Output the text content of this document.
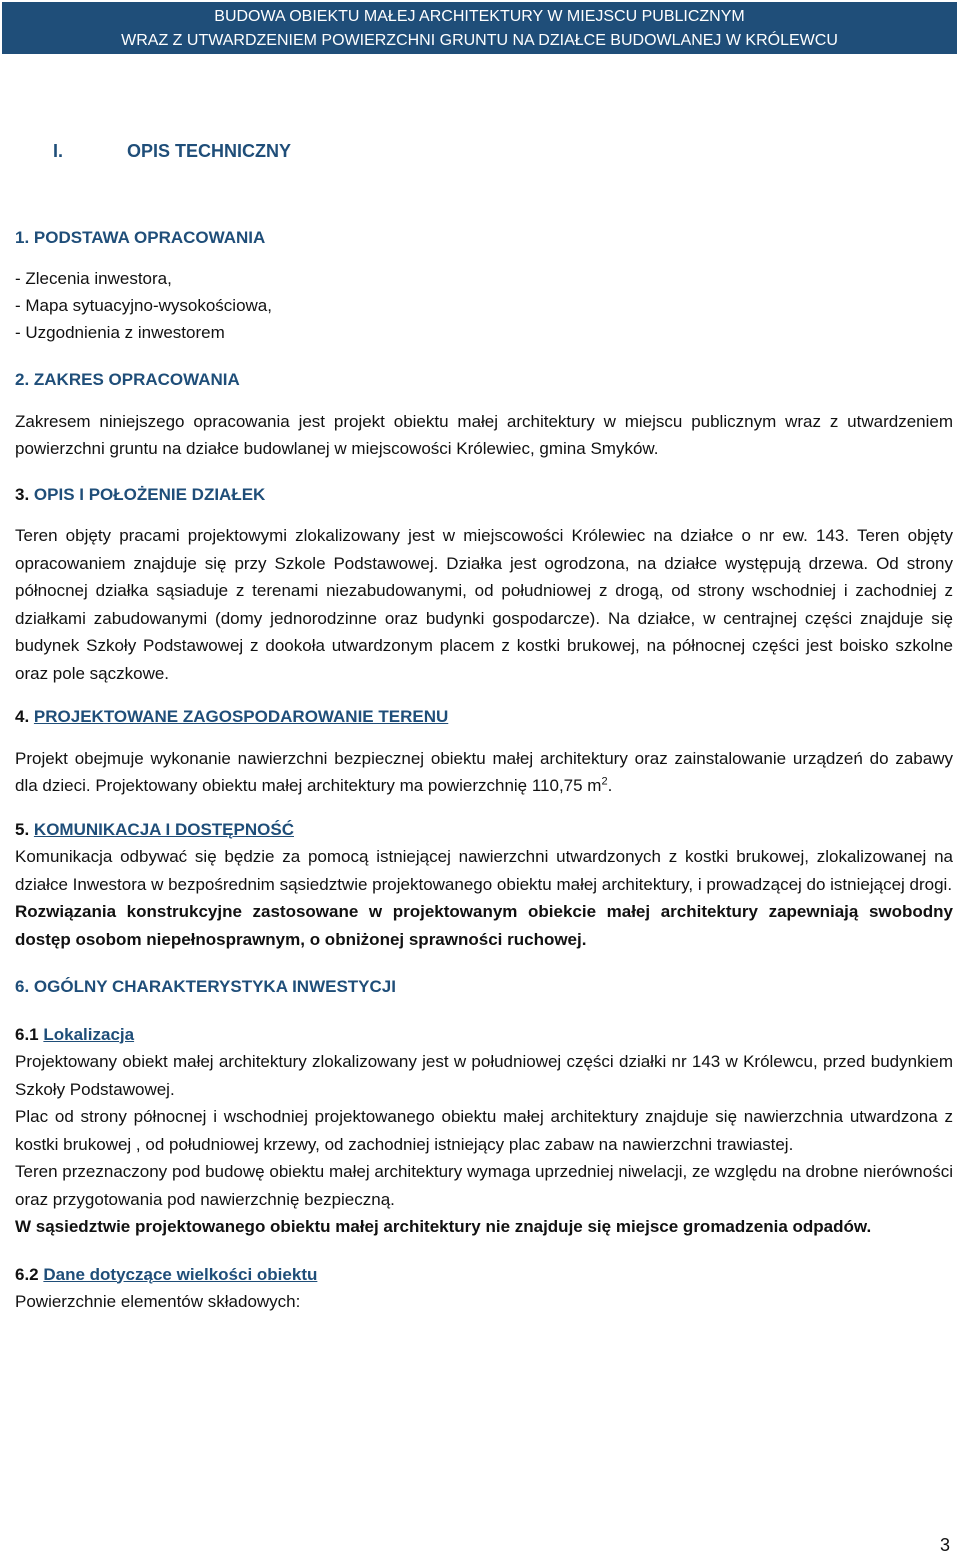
BUDOWA OBIEKTU MAŁEJ ARCHITEKTURY W MIEJSCU PUBLICZNYM
WRAZ Z UTWARDZENIEM POWIERZCHNI GRUNTU NA DZIAŁCE BUDOWLANEJ W KRÓLEWCU
I.	OPIS TECHNICZNY
1. PODSTAWA OPRACOWANIA
- Zlecenia inwestora,
- Mapa sytuacyjno-wysokościowa,
- Uzgodnienia z inwestorem
2. ZAKRES OPRACOWANIA

Zakresem niniejszego opracowania jest projekt obiektu małej architektury w miejscu publicznym wraz z utwardzeniem powierzchni gruntu na działce budowlanej w miejscowości Królewiec, gmina Smyków.

3. OPIS I POŁOŻENIE DZIAŁEK

Teren objęty pracami projektowymi zlokalizowany jest w miejscowości Królewiec na działce o nr ew. 143. Teren objęty opracowaniem znajduje się przy Szkole Podstawowej. Działka jest ogrodzona, na działce występują drzewa. Od strony północnej działka sąsiaduje z terenami niezabudowanymi, od południowej z drogą, od strony wschodniej i zachodniej z działkami zabudowanymi (domy jednorodzinne oraz budynki gospodarcze). Na działce, w centrajnej części znajduje się budynek Szkoły Podstawowej z dookoła utwardzonym placem z kostki brukowej, na północnej części jest boisko szkolne oraz pole sączkowe.

4. PROJEKTOWANE ZAGOSPODAROWANIE TERENU

Projekt obejmuje wykonanie nawierzchni bezpiecznej obiektu małej architektury oraz zainstalowanie urządzeń do zabawy dla dzieci. Projektowany obiektu małej architektury ma powierzchnię 110,75 $m^2$.

5. KOMUNIKACJA I DOSTĘPNOŚĆ

Komunikacja odbywać się będzie za pomocą istniejącej nawierzchni utwardzonych z kostki brukowej, zlokalizowanej na działce Inwestora w bezpośrednim sąsiedztwie projektowanego obiektu małej architektury, i prowadzącej do istniejącej drogi.

Rozwiązania konstrukcyjne zastosowane w projektowanym obiekcie małej architektury zapewniają swobodny dostęp osobom niepełnosprawnym, o obniżonej sprawności ruchowej.

6. OGÓLNY CHARAKTERYSTYKA INWESTYCJI
6.1 Lokalizacja

Projektowany obiekt małej architektury zlokalizowany jest w południowej części działki nr 143 w Królewcu, przed budynkiem Szkoły Podstawowej.

Plac od strony północnej i wschodniej projektowanego obiektu małej architektury znajduje się nawierzchnia utwardzona z kostki brukowej , od południowej krzewy, od zachodniej istniejący plac zabaw na nawierzchni trawiastej.

Teren przeznaczony pod budowę obiektu małej architektury wymaga uprzedniej niwelacji, ze względu na drobne nierówności oraz przygotowania pod nawierzchnię bezpieczną.

W sąsiedztwie projektowanego obiektu małej architektury nie znajduje się miejsce gromadzenia odpadów.

6.2 Dane dotyczące wielkości obiektu

Powierzchnie elementów składowych:

3
